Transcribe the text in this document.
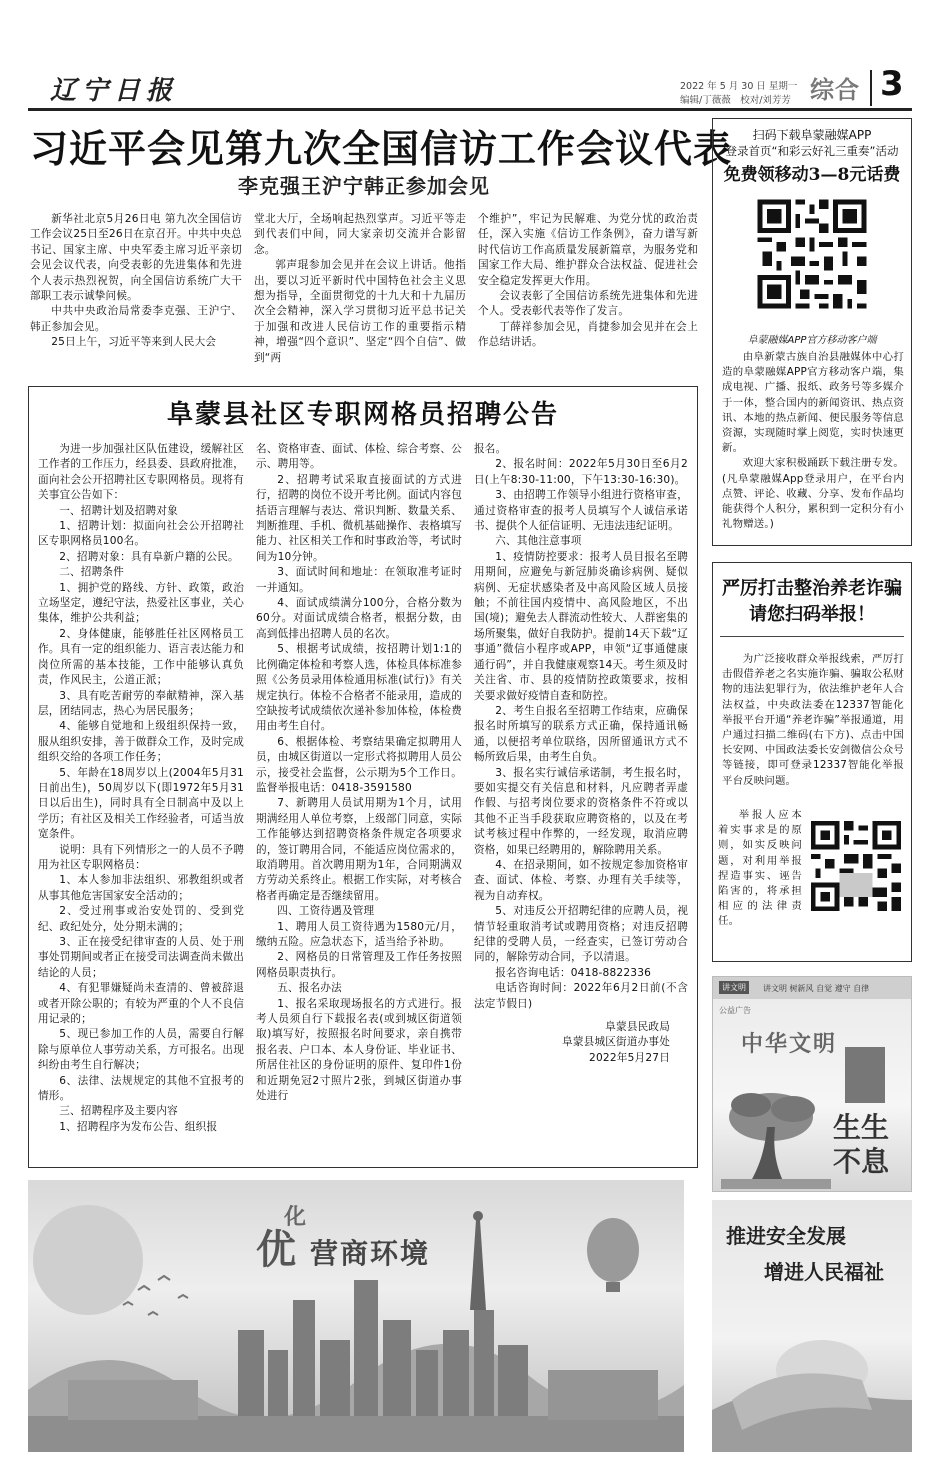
辽宁日报	2022 年 5 月 30 日 星期一
编辑/丁薇薇　校对/刘芳芳 综合 3
习近平会见第九次全国信访工作会议代表
李克强王沪宁韩正参加会见

新华社北京5月26日电 第九次全国信访工作会议25日至26日在京召开。中共中央总书记、国家主席、中央军委主席习近平亲切会见会议代表，向受表彰的先进集体和先进个人表示热烈祝贺，向全国信访系统广大干部职工表示诚挚问候。

中共中央政治局常委李克强、王沪宁、韩正参加会见。

25日上午，习近平等来到人民大会

堂北大厅，全场响起热烈掌声。习近平等走到代表们中间，同大家亲切交流并合影留念。

郭声琨参加会见并在会议上讲话。他指出，要以习近平新时代中国特色社会主义思想为指导，全面贯彻党的十九大和十九届历次全会精神，深入学习贯彻习近平总书记关于加强和改进人民信访工作的重要指示精神，增强“四个意识”、坚定“四个自信”、做到“两

个维护”，牢记为民解难、为党分忧的政治责任，深入实施《信访工作条例》，奋力谱写新时代信访工作高质量发展新篇章，为服务党和国家工作大局、维护群众合法权益、促进社会安全稳定发挥更大作用。

会议表彰了全国信访系统先进集体和先进个人。受表彰代表等作了发言。

丁薛祥参加会见，肖捷参加会见并在会上作总结讲话。

扫码下载阜蒙融媒APP
登录首页“和彩云好礼三重奏”活动
免费领移动3—8元话费
阜蒙融媒APP官方移动客户端

由阜新蒙古族自治县融媒体中心打造的阜蒙融媒APP官方移动客户端，集成电视、广播、报纸、政务号等多媒介于一体，整合国内的新闻资讯、热点资讯、本地的热点新闻、便民服务等信息资源，实现随时掌上阅览，实时快速更新。

欢迎大家积极踊跃下载注册专发。(凡阜蒙融媒App登录用户，在平台内点赞、评论、收藏、分享、发布作品均能获得个人积分，累积到一定积分有小礼物赠送。)

阜蒙县社区专职网格员招聘公告

为进一步加强社区队伍建设，缓解社区工作者的工作压力，经县委、县政府批准，面向社会公开招聘社区专职网格员。现将有关事宜公告如下：

一、招聘计划及招聘对象

1、招聘计划：拟面向社会公开招聘社区专职网格员100名。

2、招聘对象：具有阜新户籍的公民。

二、招聘条件

1、拥护党的路线、方针、政策，政治立场坚定，遵纪守法，热爱社区事业，关心集体，维护公共利益；

2、身体健康，能够胜任社区网格员工作。具有一定的组织能力、语言表达能力和岗位所需的基本技能，工作中能够认真负责，作风民主，公道正派；

3、具有吃苦耐劳的奉献精神，深入基层，团结同志，热心为居民服务；

4、能够自觉地和上级组织保持一致，服从组织安排，善于做群众工作，及时完成组织交给的各项工作任务；

5、年龄在18周岁以上(2004年5月31日前出生)，50周岁以下(即1972年5月31日以后出生)，同时具有全日制高中及以上学历；有社区及相关工作经验者，可适当放宽条件。

说明：具有下列情形之一的人员不予聘用为社区专职网格员：

1、本人参加非法组织、邪教组织或者从事其他危害国家安全活动的；

2、受过刑事或治安处罚的、受到党纪、政纪处分，处分期未满的；

3、正在接受纪律审查的人员、处于刑事处罚期间或者正在接受司法调查尚未做出结论的人员；

4、有犯罪嫌疑尚未查清的、曾被辞退或者开除公职的；有较为严重的个人不良信用记录的；

5、现已参加工作的人员，需要自行解除与原单位人事劳动关系，方可报名。出现纠纷由考生自行解决；

6、法律、法规规定的其他不宜报考的情形。

三、招聘程序及主要内容

1、招聘程序为发布公告、组织报

名、资格审查、面试、体检、综合考察、公示、聘用等。

2、招聘考试采取直接面试的方式进行，招聘的岗位不设开考比例。面试内容包括语言理解与表达、常识判断、数量关系、判断推理、手机、微机基础操作、表格填写能力、社区相关工作和时事政治等，考试时间为10分钟。

3、面试时间和地址：在领取准考证时一并通知。

4、面试成绩满分100分，合格分数为60分。对面试成绩合格者，根据分数，由高到低排出招聘人员的名次。

5、根据考试成绩，按招聘计划1:1的比例确定体检和考察人选，体检具体标准参照《公务员录用体检通用标准(试行)》有关规定执行。体检不合格者不能录用，造成的空缺按考试成绩依次递补参加体检，体检费用由考生自付。

6、根据体检、考察结果确定拟聘用人员，由城区街道以一定形式将拟聘用人员公示，接受社会监督，公示期为5个工作日。监督举报电话：0418-3591580

7、新聘用人员试用期为1个月，试用期满经用人单位考察，上级部门同意，实际工作能够达到招聘资格条件规定各项要求的，签订聘用合同，不能适应岗位需求的，取消聘用。首次聘用期为1年，合同期满双方劳动关系终止。根据工作实际，对考核合格者再确定是否继续留用。

四、工资待遇及管理

1、聘用人员工资待遇为1580元/月，缴纳五险。应急状态下，适当给予补助。

2、网格员的日常管理及工作任务按照网格员职责执行。

五、报名办法

1、报名采取现场报名的方式进行。报考人员须自行下载报名表(或到城区街道领取)填写好，按照报名时间要求，亲自携带报名表、户口本、本人身份证、毕业证书、所居住社区的身份证明的原件、复印件1份和近期免冠2寸照片2张，到城区街道办事处进行

报名。

2、报名时间：2022年5月30日至6月2日(上午8:30-11:00，下午13:30-16:30)。

3、由招聘工作领导小组进行资格审查，通过资格审查的报考人员填写个人诚信承诺书、提供个人征信证明、无违法违纪证明。

六、其他注意事项

1、疫情防控要求：报考人员目报名至聘用期间，应避免与新冠肺炎确诊病例、疑似病例、无症状感染者及中高风险区域人员接触；不前往国内疫情中、高风险地区，不出国(境)；避免去人群流动性较大、人群密集的场所聚集，做好自我防护。提前14天下载“辽事通”微信小程序或APP，申领“辽事通健康通行码”，并自我健康观察14天。考生须及时关注省、市、县的疫情防控政策要求，按相关要求做好疫情自查和防控。

2、考生自报名至招聘工作结束，应确保报名时所填写的联系方式正确，保持通讯畅通，以便招考单位联络，因所留通讯方式不畅所致后果，由考生自负。

3、报名实行诚信承诺制，考生报名时，要如实提交有关信息和材料，凡应聘者弄虚作假、与招考岗位要求的资格条件不符或以其他不正当手段获取应聘资格的，以及在考试考核过程中作弊的，一经发现，取消应聘资格，如果已经聘用的，解除聘用关系。

4、在招录期间，如不按规定参加资格审查、面试、体检、考察、办理有关手续等，视为自动弃权。

5、对违反公开招聘纪律的应聘人员，视情节轻重取消考试或聘用资格；对违反招聘纪律的受聘人员，一经查实，已签订劳动合同的，解除劳动合同，予以清退。

报名咨询电话：0418-8822336

电话咨询时间：2022年6月2日前(不含法定节假日)

阜蒙县民政局

阜蒙县城区街道办事处

2022年5月27日

严厉打击整治养老诈骗
请您扫码举报！

为广泛接收群众举报线索，严厉打击假借养老之名实施诈骗、骗取公私财物的违法犯罪行为，依法维护老年人合法权益，中央政法委在12337智能化举报平台开通“养老诈骗”举报通道，用户通过扫描二维码(右下方)、点击中国长安网、中国政法委长安剑微信公众号等链接，即可登录12337智能化举报平台反映问题。

举报人应本着实事求是的原则，如实反映问题，对利用举报捏造事实、诬告陷害的，将承担相应的法律责任。

讲文明	讲文明 树新风 自觉 遵守 自律
公益广告
中华文明
生生不息
化
优 营商环境
推进安全发展
增进人民福祉
